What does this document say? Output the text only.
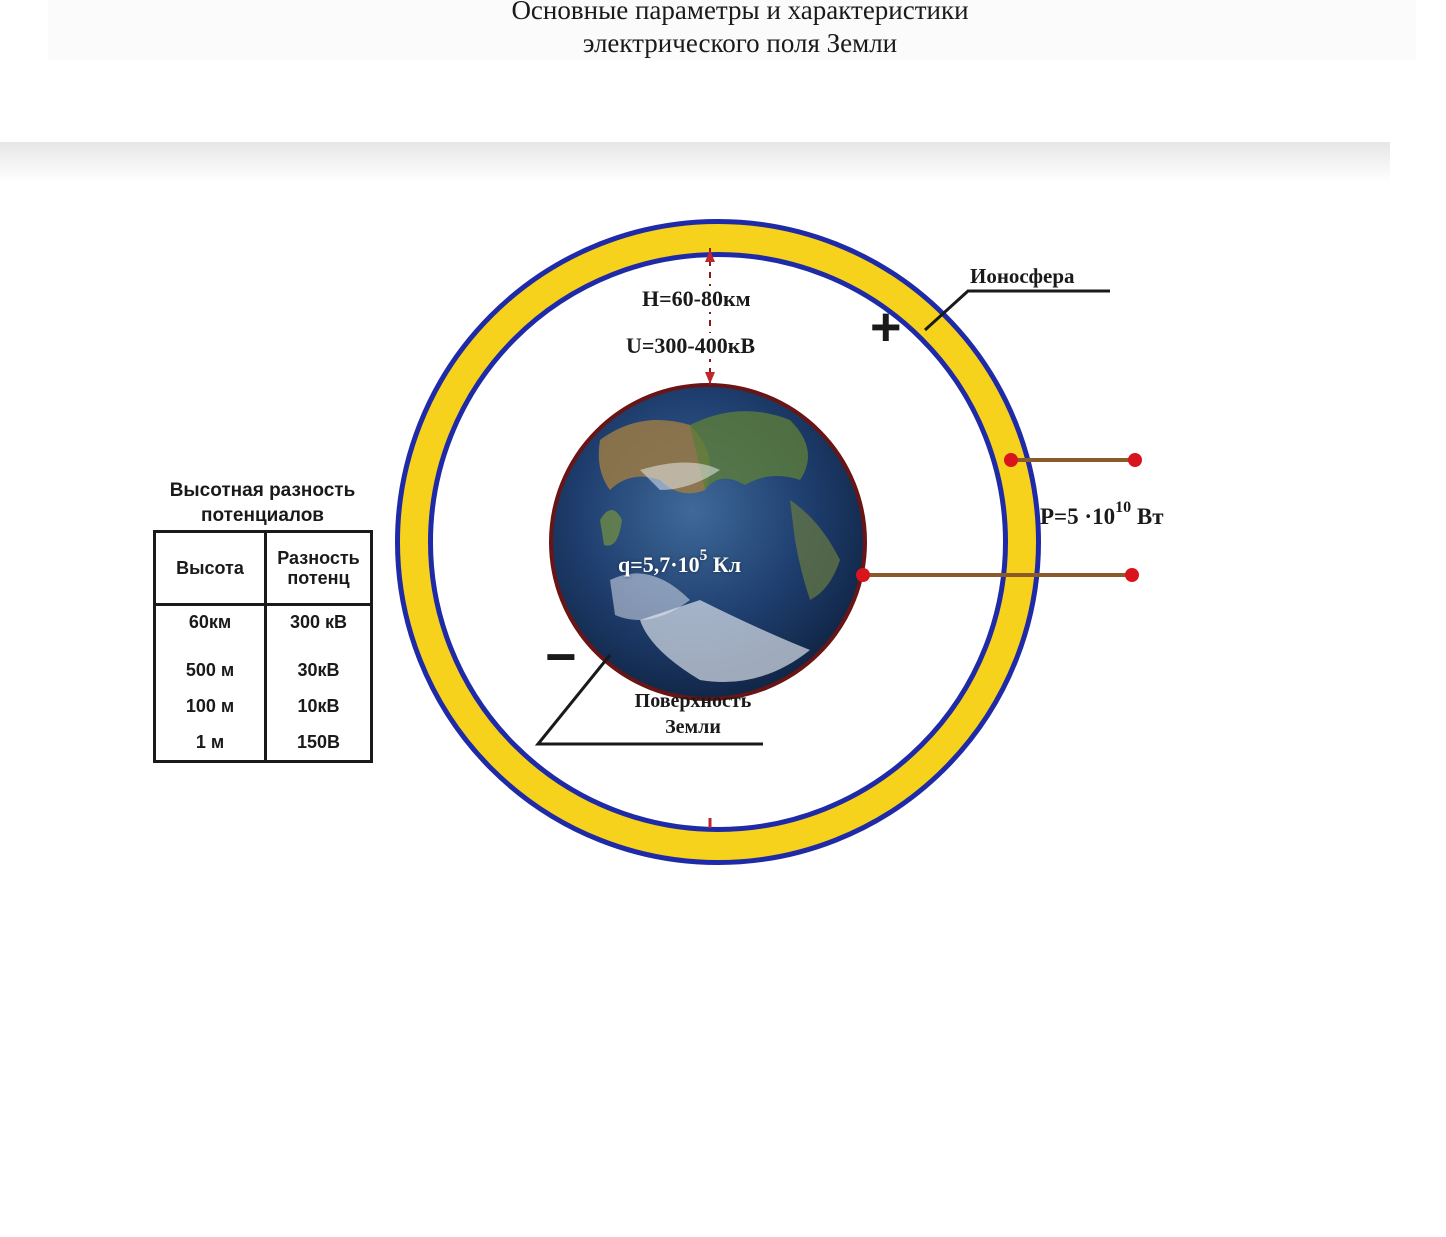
Основные параметры и характеристики
электрического поля Земли
H=60-80км
U=300-400кВ
Ионосфера
+
−
$P=5 \cdot 10^{10}$ Вт
$q=5,7\cdot 10^5$ Кл
Поверхность
Земли
Высотная разность
потенциалов
Высота	Разность
потенц

60км	300 кВ
500 м	30кВ
100 м	10кВ
1 м	150В
